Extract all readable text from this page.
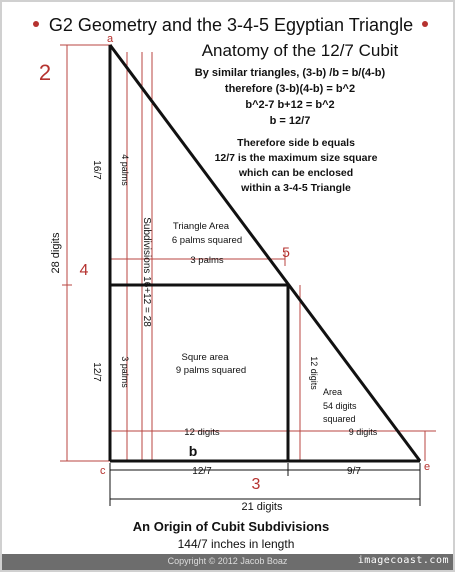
G2 Geometry and the 3-4-5 Egyptian Triangle
Anatomy of the 12/7 Cubit
2	By similar triangles, (3-b) /b = b/(4-b)
therefore (3-b)(4-b) = b^2
b^2-7 b+12 = b^2
b = 12/7
Therefore side b equals
12/7 is the maximum size square
which can be enclosed
within a 3-4-5 Triangle
a
c	e
4
3
5
b
28 digits
16/7
12/7
4 palms
3 palms
Subdivisions 16+12 = 28
12 digits
Triangle Area
6 palms squared
3 palms
Squre area
9 palms squared
Area
54 digits
squared
9 digits
12 digits
12/7	9/7
21 digits
An Origin of Cubit Subdivisions
144/7 inches in length
Copyright © 2012 Jacob Boaz	imagecoast.com
